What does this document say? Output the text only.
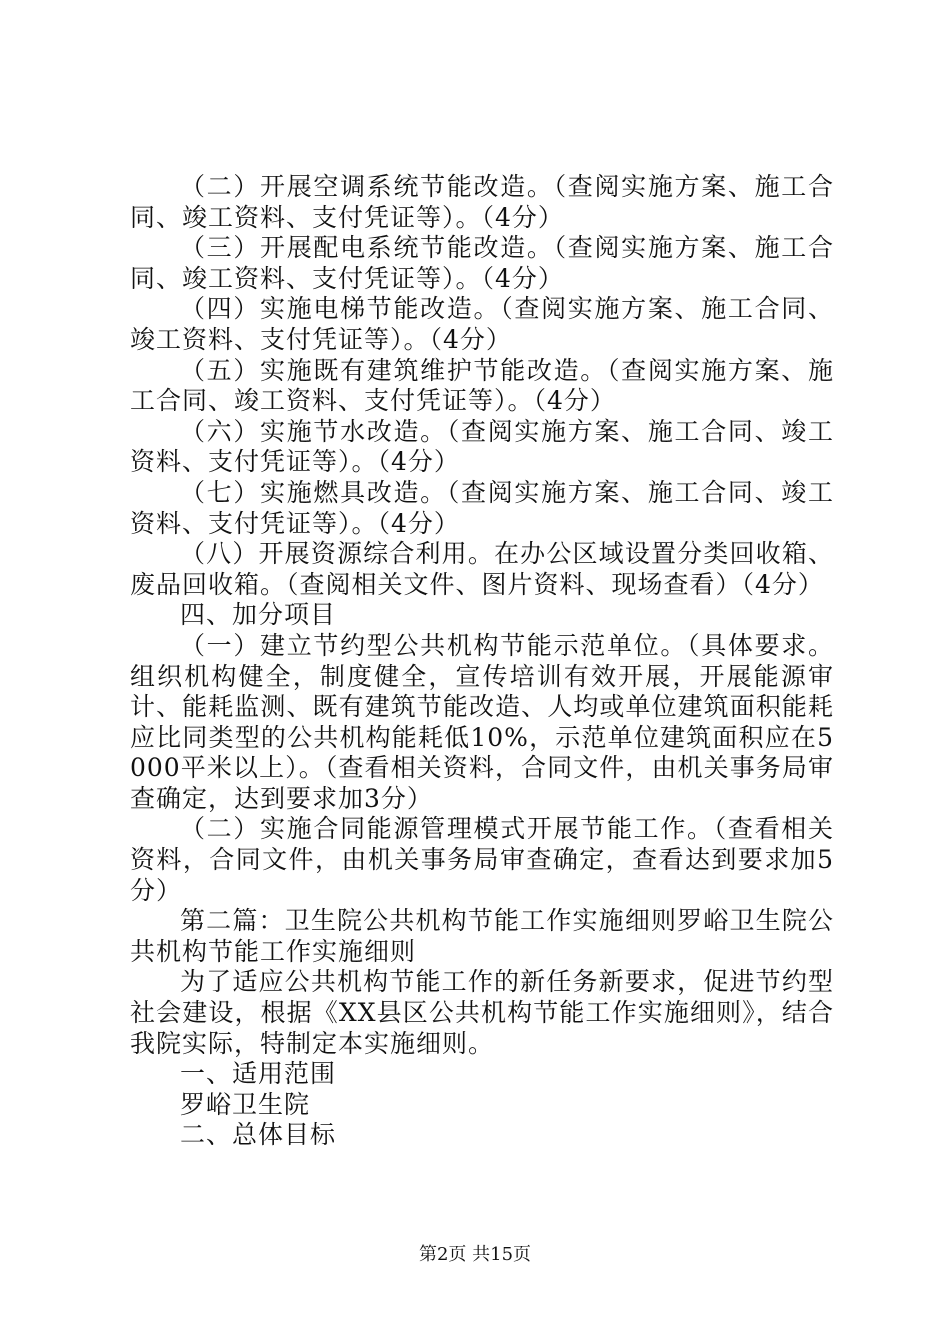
（二）开展空调系统节能改造。（查阅实施方案、施工合同、竣工资料、支付凭证等）。（4分）

（三）开展配电系统节能改造。（查阅实施方案、施工合同、竣工资料、支付凭证等）。（4分）

（四）实施电梯节能改造。（查阅实施方案、施工合同、竣工资料、支付凭证等）。（4分）

（五）实施既有建筑维护节能改造。（查阅实施方案、施工合同、竣工资料、支付凭证等）。（4分）

（六）实施节水改造。（查阅实施方案、施工合同、竣工资料、支付凭证等）。（4分）

（七）实施燃具改造。（查阅实施方案、施工合同、竣工资料、支付凭证等）。（4分）

（八）开展资源综合利用。在办公区域设置分类回收箱、废品回收箱。（查阅相关文件、图片资料、现场查看）（4分）

四、加分项目

（一）建立节约型公共机构节能示范单位。（具体要求。组织机构健全，制度健全，宣传培训有效开展，开展能源审计、能耗监测、既有建筑节能改造、人均或单位建筑面积能耗应比同类型的公共机构能耗低10%，示范单位建筑面积应在5000平米以上）。（查看相关资料，合同文件，由机关事务局审查确定，达到要求加3分）

（二）实施合同能源管理模式开展节能工作。（查看相关资料，合同文件，由机关事务局审查确定，查看达到要求加5分）

第二篇：卫生院公共机构节能工作实施细则罗峪卫生院公共机构节能工作实施细则

为了适应公共机构节能工作的新任务新要求，促进节约型社会建设，根据《XX县区公共机构节能工作实施细则》，结合我院实际，特制定本实施细则。

一、适用范围

罗峪卫生院

二、总体目标

第2页 共15页
